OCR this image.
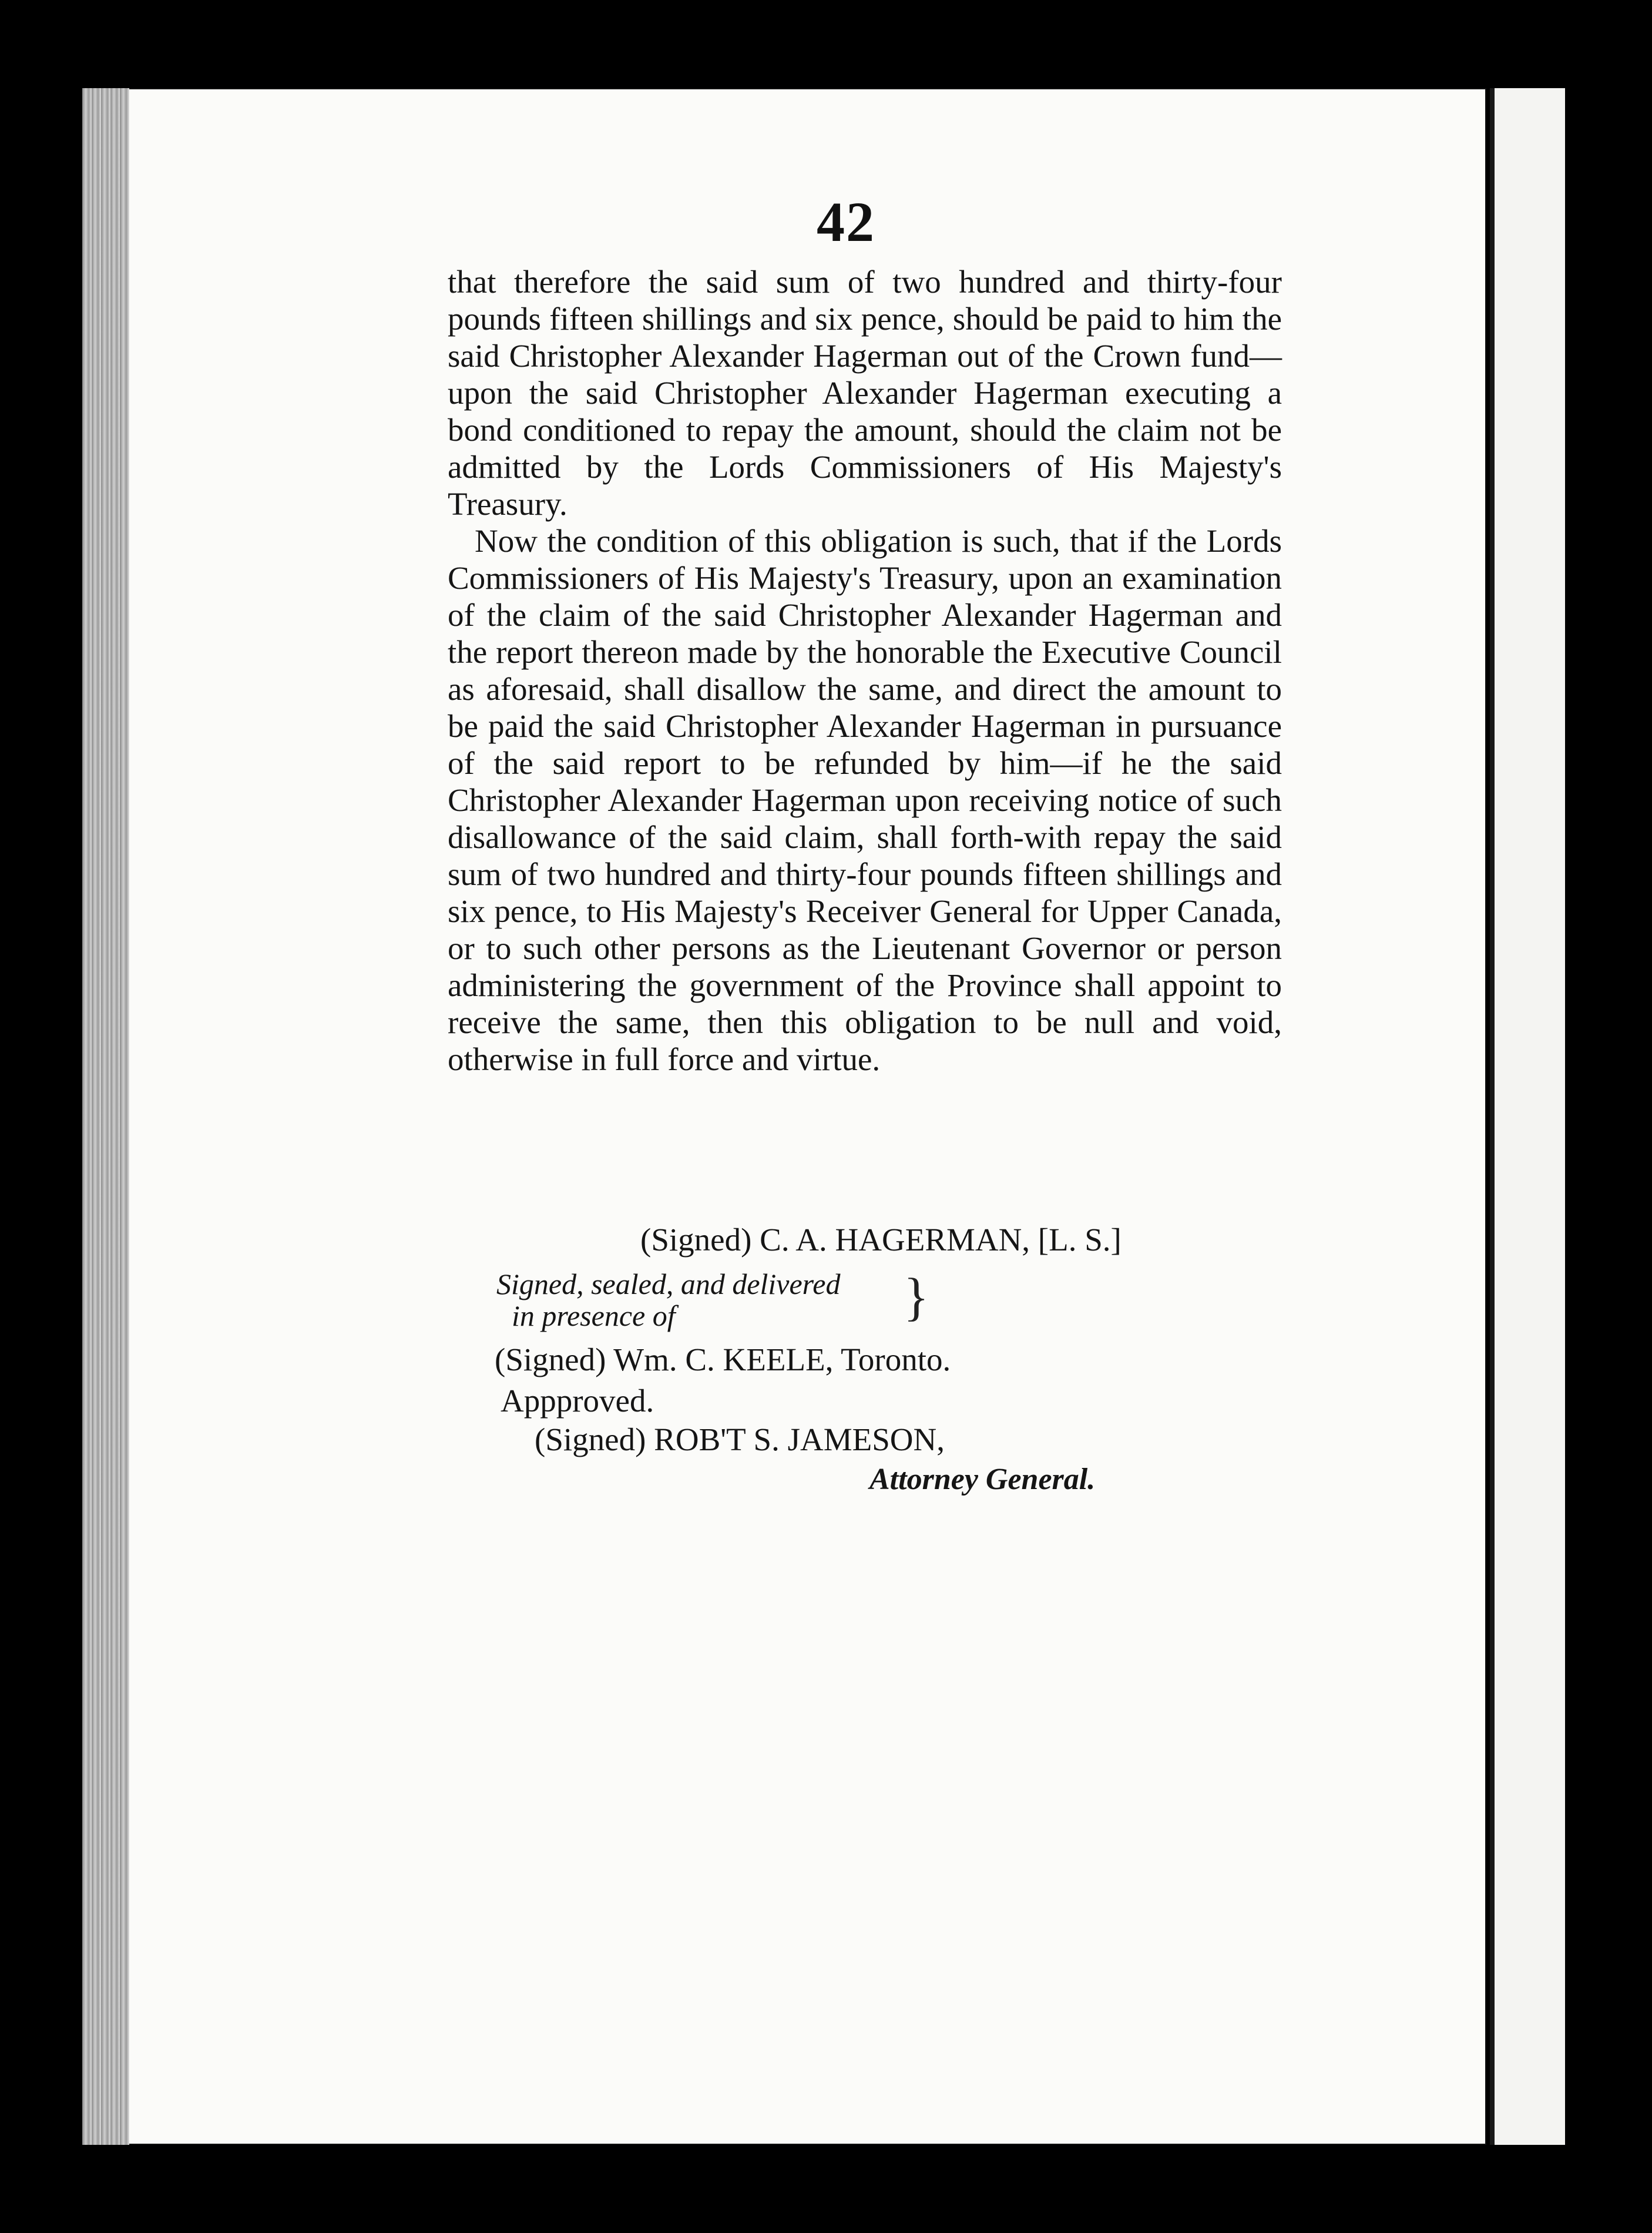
42

that therefore the said sum of two hundred and thirty-four pounds fifteen shillings and six pence, should be paid to him the said Christopher Alexander Hagerman out of the Crown fund—upon the said Christopher Alexander Hagerman executing a bond conditioned to repay the amount, should the claim not be admitted by the Lords Commissioners of His Majesty's Treasury.

Now the condition of this obligation is such, that if the Lords Commissioners of His Majesty's Treasury, upon an examination of the claim of the said Christopher Alexander Hagerman and the report thereon made by the honorable the Executive Council as aforesaid, shall disallow the same, and direct the amount to be paid the said Christopher Alexander Hagerman in pursuance of the said report to be refunded by him—if he the said Christopher Alexander Hagerman upon receiving notice of such disallowance of the said claim, shall forth-with repay the said sum of two hundred and thirty-four pounds fifteen shillings and six pence, to His Majesty's Receiver General for Upper Canada, or to such other persons as the Lieutenant Governor or person administering the government of the Province shall appoint to receive the same, then this obligation to be null and void, otherwise in full force and virtue.

(Signed) C. A. HAGERMAN, [L. S.]
Signed, sealed, and delivered
in presence of	}
(Signed) Wm. C. KEELE, Toronto.
Appproved.
(Signed) ROB'T S. JAMESON,
Attorney General.
